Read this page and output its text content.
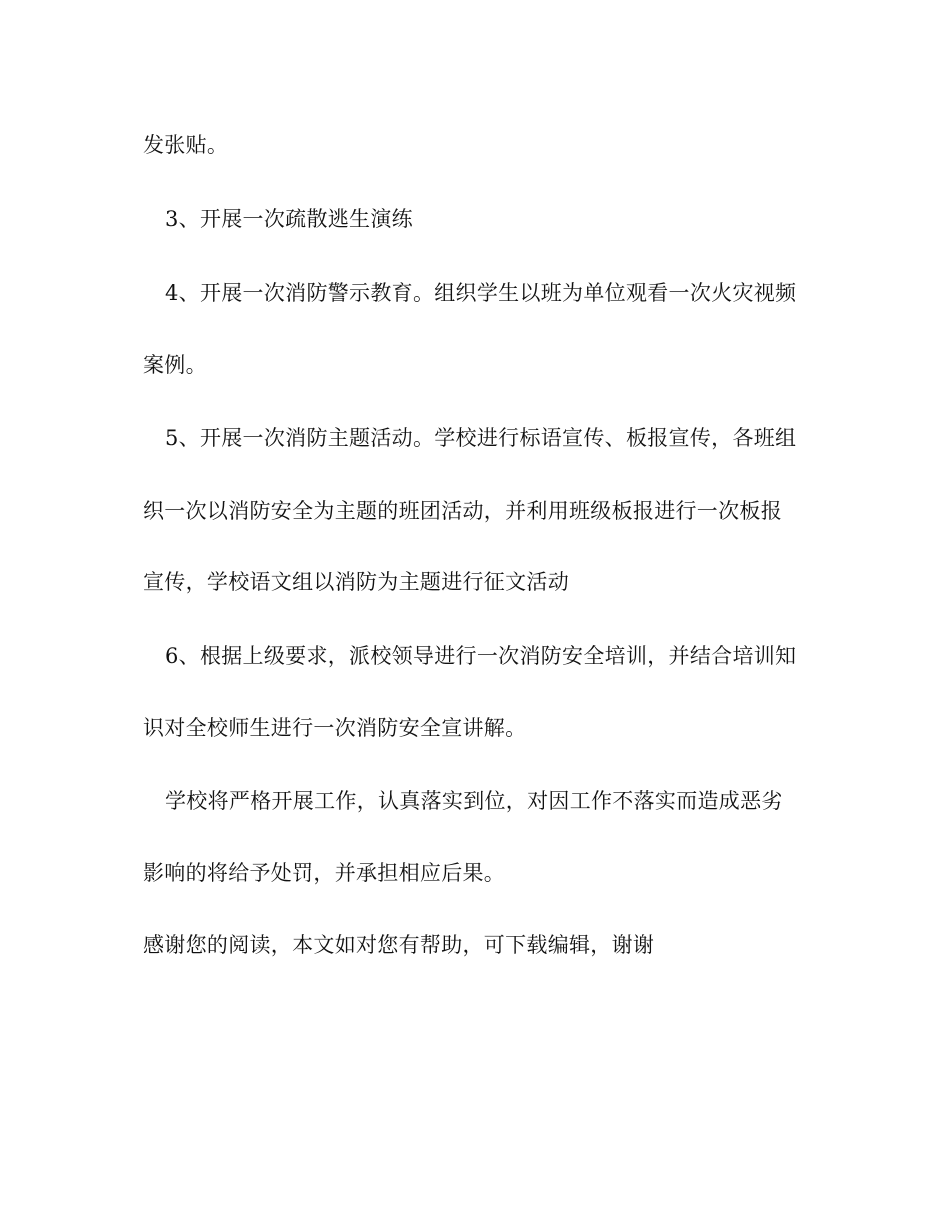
发张贴。
3、开展一次疏散逃生演练
4、开展一次消防警示教育。组织学生以班为单位观看一次火灾视频
案例。
5、开展一次消防主题活动。学校进行标语宣传、板报宣传，各班组
织一次以消防安全为主题的班团活动，并利用班级板报进行一次板报
宣传，学校语文组以消防为主题进行征文活动
6、根据上级要求，派校领导进行一次消防安全培训，并结合培训知
识对全校师生进行一次消防安全宣讲解。
学校将严格开展工作，认真落实到位，对因工作不落实而造成恶劣
影响的将给予处罚，并承担相应后果。
感谢您的阅读，本文如对您有帮助，可下载编辑，谢谢
